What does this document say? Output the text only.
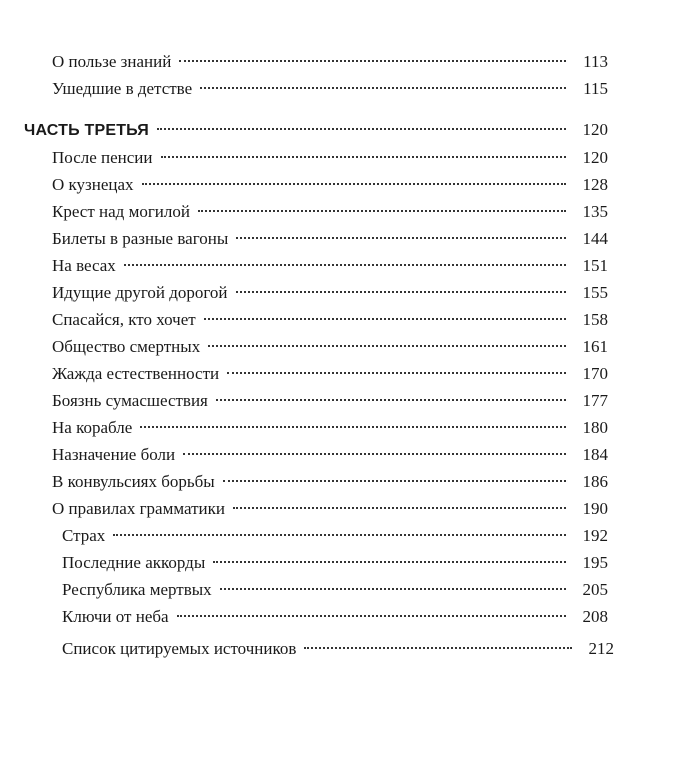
О пользе знаний	113
Ушедшие в детстве	115
ЧАСТЬ ТРЕТЬЯ	120
После пенсии	120
О кузнецах	128
Крест над могилой	135
Билеты в разные вагоны	144
На весах	151
Идущие другой дорогой	155
Спасайся, кто хочет	158
Общество смертных	161
Жажда естественности	170
Боязнь сумасшествия	177
На корабле	180
Назначение боли	184
В конвульсиях борьбы	186
О правилах грамматики	190
Страх	192
Последние аккорды	195
Республика мертвых	205
Ключи от неба	208
Список цитируемых источников	212
